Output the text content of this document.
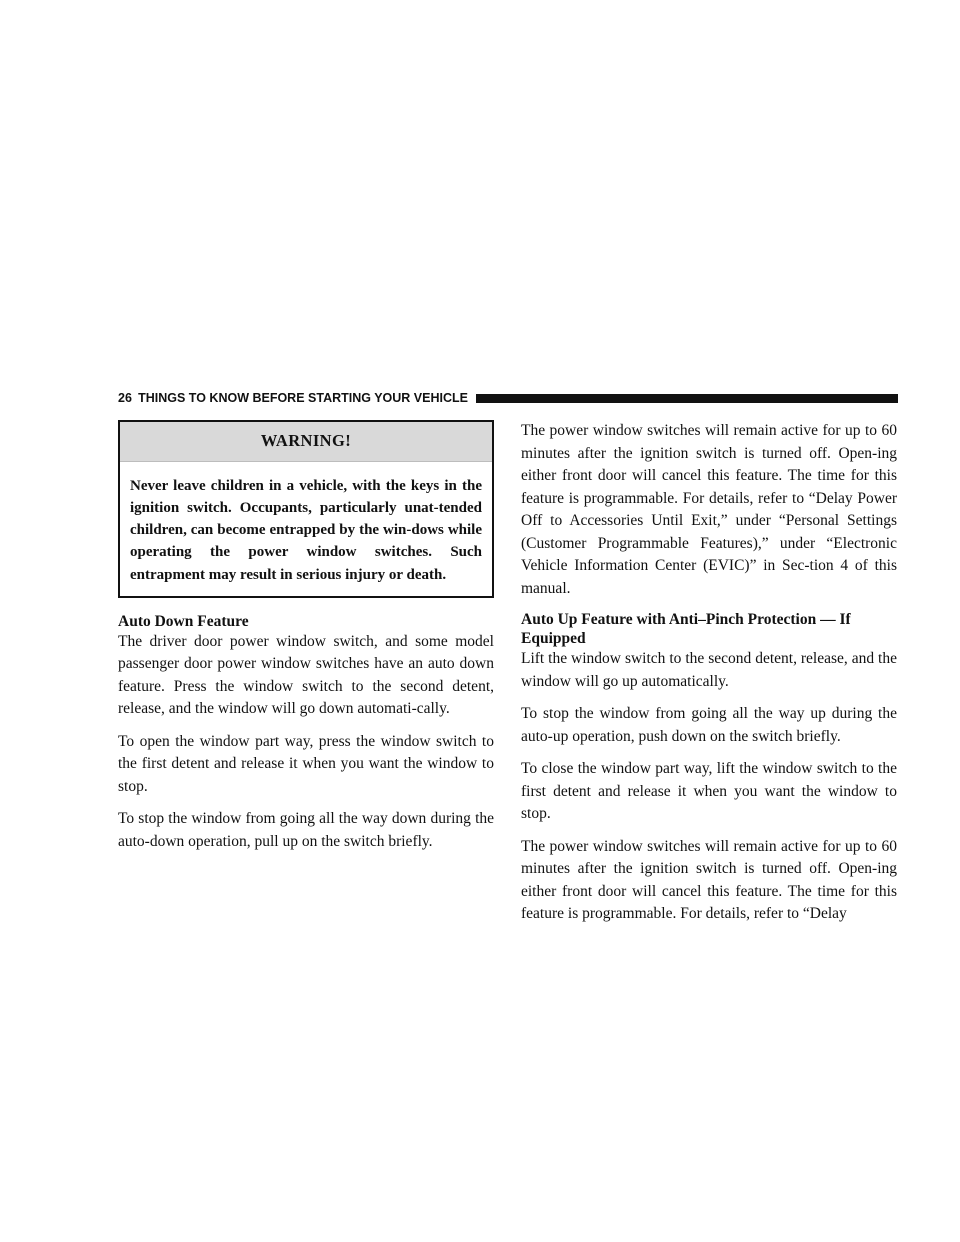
26 THINGS TO KNOW BEFORE STARTING YOUR VEHICLE
WARNING!
Never leave children in a vehicle, with the keys in the ignition switch. Occupants, particularly unat-tended children, can become entrapped by the win-dows while operating the power window switches. Such entrapment may result in serious injury or death.
Auto Down Feature

The driver door power window switch, and some model passenger door power window switches have an auto down feature. Press the window switch to the second detent, release, and the window will go down automati-cally.

To open the window part way, press the window switch to the first detent and release it when you want the window to stop.

To stop the window from going all the way down during the auto-down operation, pull up on the switch briefly.

The power window switches will remain active for up to 60 minutes after the ignition switch is turned off. Open-ing either front door will cancel this feature. The time for this feature is programmable. For details, refer to “Delay Power Off to Accessories Until Exit,” under “Personal Settings (Customer Programmable Features),” under “Electronic Vehicle Information Center (EVIC)” in Sec-tion 4 of this manual.

Auto Up Feature with Anti–Pinch Protection — If Equipped

Lift the window switch to the second detent, release, and the window will go up automatically.

To stop the window from going all the way up during the auto-up operation, push down on the switch briefly.

To close the window part way, lift the window switch to the first detent and release it when you want the window to stop.

The power window switches will remain active for up to 60 minutes after the ignition switch is turned off. Open-ing either front door will cancel this feature. The time for this feature is programmable. For details, refer to “Delay
